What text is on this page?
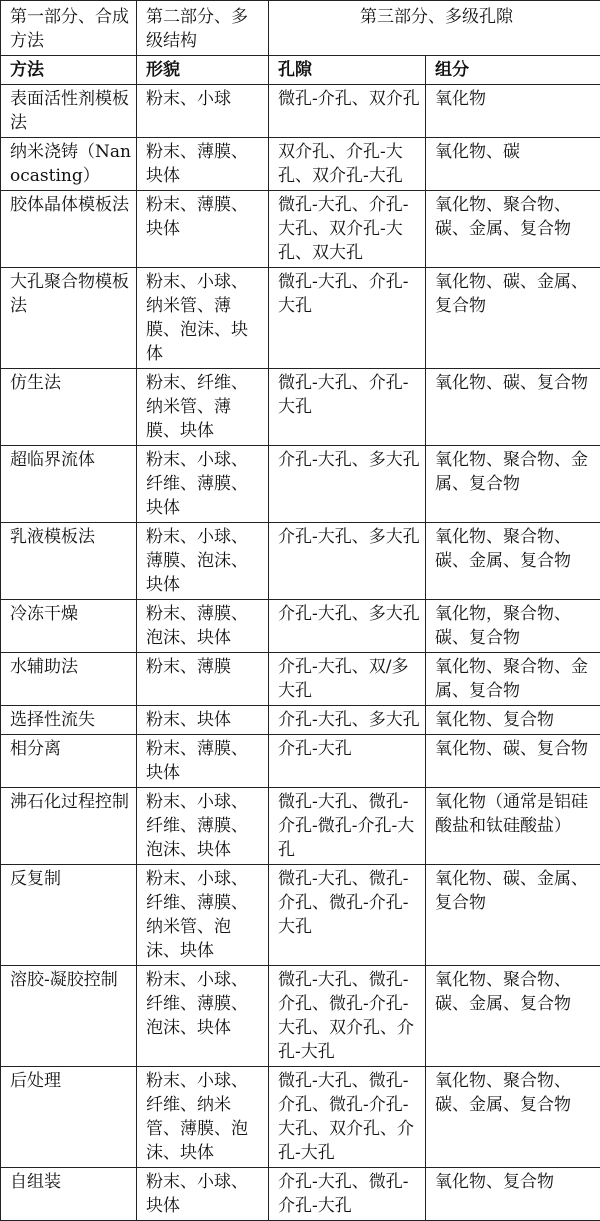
第一部分、合成方法	第二部分、多级结构	第三部分、多级孔隙	
方法	形貌	孔隙	组分
表面活性剂模板法	粉末、小球	微孔-介孔、双介孔	氧化物
纳米浇铸（Nanocasting）	粉末、薄膜、块体	双介孔、介孔-大孔、双介孔-大孔	氧化物、碳
胶体晶体模板法	粉末、薄膜、块体	微孔-大孔、介孔-大孔、双介孔-大孔、双大孔	氧化物、聚合物、碳、金属、复合物
大孔聚合物模板法	粉末、小球、纳米管、薄膜、泡沫、块体	微孔-大孔、介孔-大孔	氧化物、碳、金属、复合物
仿生法	粉末、纤维、纳米管、薄膜、块体	微孔-大孔、介孔-大孔	氧化物、碳、复合物
超临界流体	粉末、小球、纤维、薄膜、块体	介孔-大孔、多大孔	氧化物、聚合物、金属、复合物
乳液模板法	粉末、小球、薄膜、泡沫、块体	介孔-大孔、多大孔	氧化物、聚合物、碳、金属、复合物
冷冻干燥	粉末、薄膜、泡沫、块体	介孔-大孔、多大孔	氧化物，聚合物、碳、复合物
水辅助法	粉末、薄膜	介孔-大孔、双/多大孔	氧化物、聚合物、金属、复合物
选择性流失	粉末、块体	介孔-大孔、多大孔	氧化物、复合物
相分离	粉末、薄膜、块体	介孔-大孔	氧化物、碳、复合物
沸石化过程控制	粉末、小球、纤维、薄膜、泡沫、块体	微孔-大孔、微孔-介孔-微孔-介孔-大孔	氧化物（通常是铝硅酸盐和钛硅酸盐）
反复制	粉末、小球、纤维、薄膜、纳米管、泡沫、块体	微孔-大孔、微孔-介孔、微孔-介孔-大孔	氧化物、碳、金属、复合物
溶胶-凝胶控制	粉末、小球、纤维、薄膜、泡沫、块体	微孔-大孔、微孔-介孔、微孔-介孔-大孔、双介孔、介孔-大孔	氧化物、聚合物、碳、金属、复合物
后处理	粉末、小球、纤维、纳米管、薄膜、泡沫、块体	微孔-大孔、微孔-介孔、微孔-介孔-大孔、双介孔、介孔-大孔	氧化物、聚合物、碳、金属、复合物
自组装	粉末、小球、块体	介孔-大孔、微孔-介孔-大孔	氧化物、复合物
